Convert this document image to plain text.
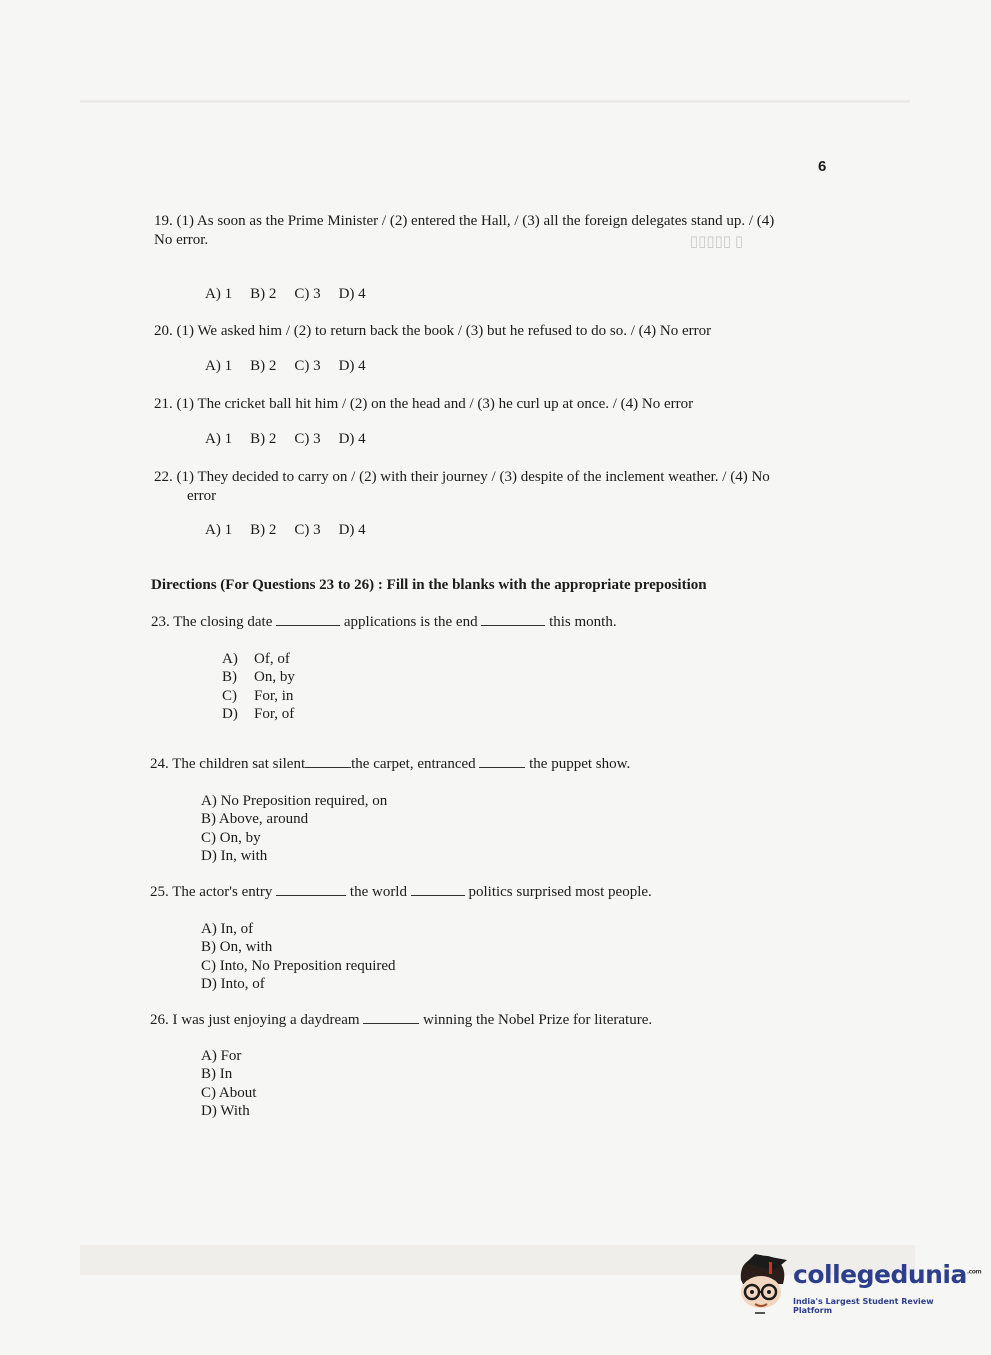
▯ ▯▯▯▯▯
6
19. (1) As soon as the Prime Minister / (2) entered the Hall, / (3) all the foreign delegates stand up. / (4)
No error.
A) 1 B) 2 C) 3 D) 4
20. (1) We asked him / (2) to return back the book / (3) but he refused to do so. / (4) No error
A) 1 B) 2 C) 3 D) 4
21. (1) The cricket ball hit him / (2) on the head and / (3) he curl up at once. / (4) No error
A) 1 B) 2 C) 3 D) 4
22. (1) They decided to carry on / (2) with their journey / (3) despite of the inclement weather. / (4) No
error
A) 1 B) 2 C) 3 D) 4
Directions (For Questions 23 to 26) : Fill in the blanks with the appropriate preposition
23. The closing date	applications is the end	this month.
A) Of, of
B) On, by
C) For, in
D) For, of
24. The children sat silent	the carpet, entranced	the puppet show.
A) No Preposition required, on
B) Above, around
C) On, by
D) In, with
25. The actor's entry	the world	politics surprised most people.
A) In, of
B) On, with
C) Into, No Preposition required
D) Into, of
26. I was just enjoying a daydream	winning the Nobel Prize for literature.
A) For
B) In
C) About
D) With
collegedunia$^{.com}$
India's Largest Student Review Platform
